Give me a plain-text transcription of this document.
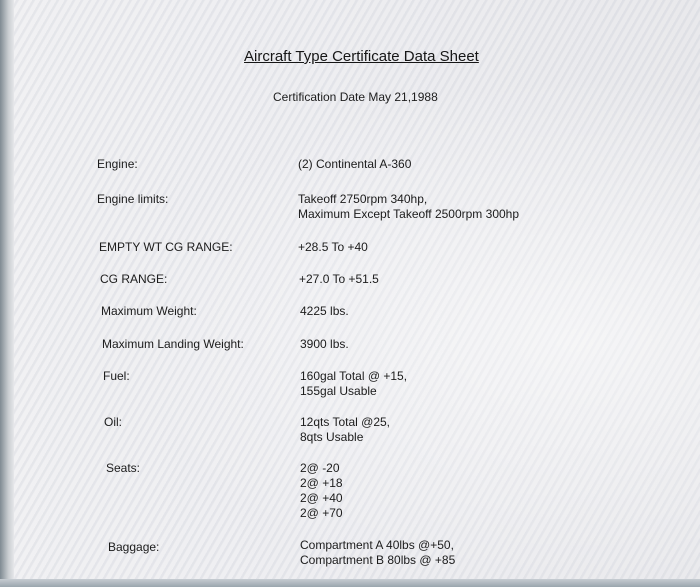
Aircraft Type Certificate Data Sheet
Certification Date May 21,1988
Engine:	(2) Continental A-360
Engine limits:	Takeoff 2750rpm 340hp,
Maximum Except Takeoff 2500rpm 300hp
EMPTY WT CG RANGE:	+28.5 To +40
CG RANGE:	+27.0 To +51.5
Maximum Weight:	4225 lbs.
Maximum Landing Weight:	3900 lbs.
Fuel:	160gal Total @ +15,
155gal Usable
Oil:	12qts Total @25,
8qts Usable
Seats:	2@ -20
2@ +18
2@ +40
2@ +70
Baggage:	Compartment A 40lbs @+50,
Compartment B 80lbs @ +85
